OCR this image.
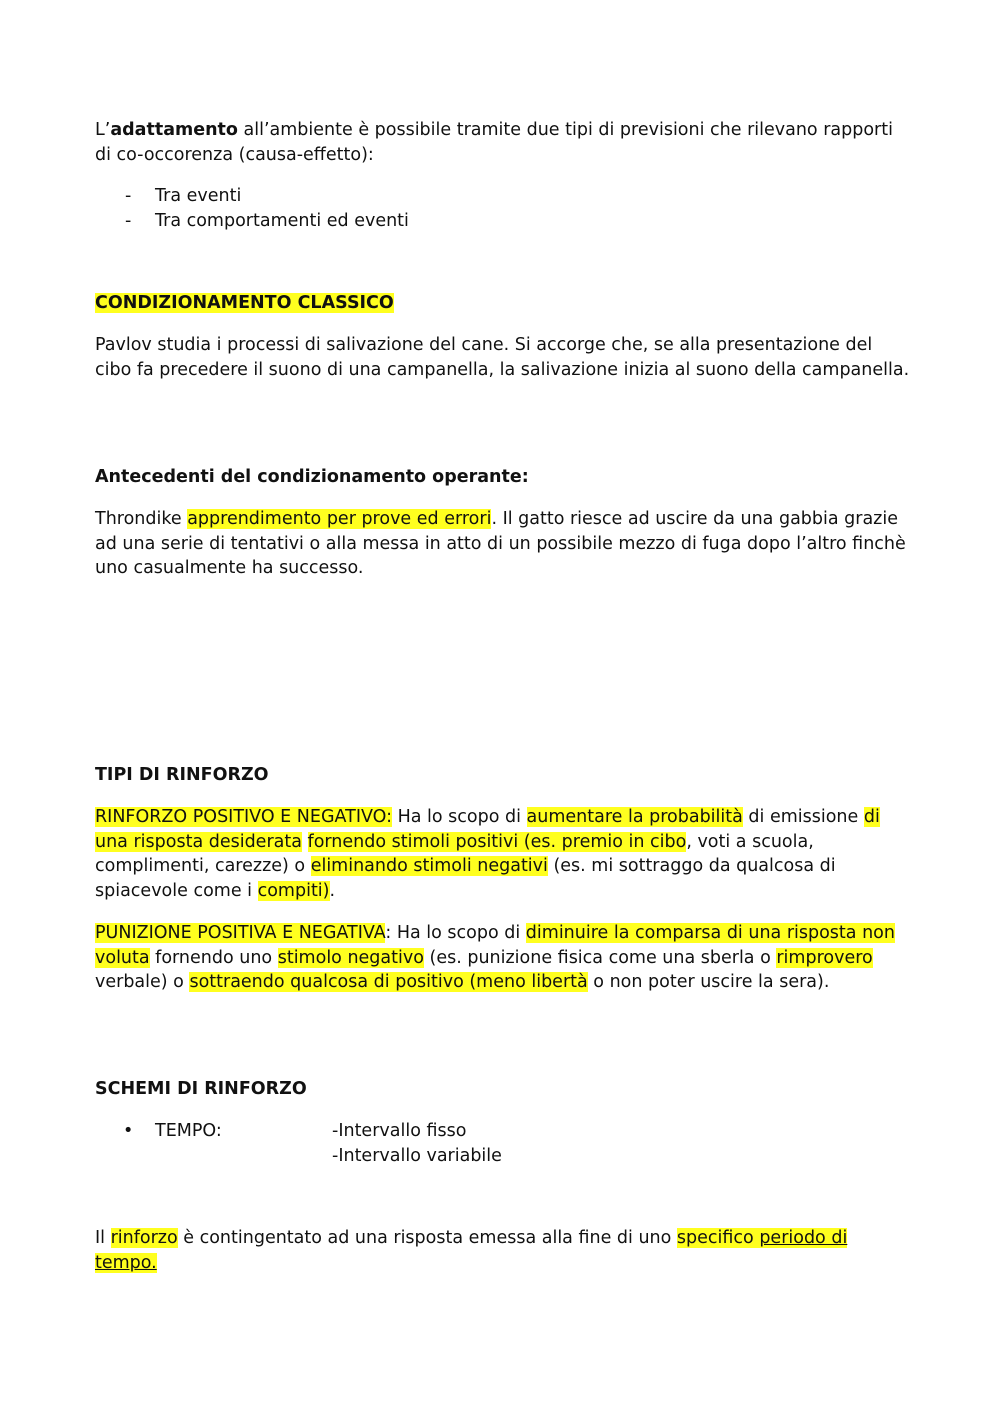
L’adattamento all’ambiente è possibile tramite due tipi di previsioni che rilevano rapporti di co-occorenza (causa-effetto):

- Tra eventi
- Tra comportamenti ed eventi

CONDIZIONAMENTO CLASSICO

Pavlov studia i processi di salivazione del cane. Si accorge che, se alla presentazione del cibo fa precedere il suono di una campanella, la salivazione inizia al suono della campanella.

Antecedenti del condizionamento operante:

Throndike apprendimento per prove ed errori. Il gatto riesce ad uscire da una gabbia grazie ad una serie di tentativi o alla messa in atto di un possibile mezzo di fuga dopo l’altro finchè uno casualmente ha successo.

TIPI DI RINFORZO

RINFORZO POSITIVO E NEGATIVO: Ha lo scopo di aumentare la probabilità di emissione di una risposta desiderata fornendo stimoli positivi (es. premio in cibo, voti a scuola, complimenti, carezze) o eliminando stimoli negativi (es. mi sottraggo da qualcosa di spiacevole come i compiti).

PUNIZIONE POSITIVA E NEGATIVA: Ha lo scopo di diminuire la comparsa di una risposta non voluta fornendo uno stimolo negativo (es. punizione fisica come una sberla o rimprovero verbale) o sottraendo qualcosa di positivo (meno libertà o non poter uscire la sera).

SCHEMI DI RINFORZO

• TEMPO:	-Intervallo fisso
-Intervallo variabile

Il rinforzo è contingentato ad una risposta emessa alla fine di uno specifico periodo di
tempo.
